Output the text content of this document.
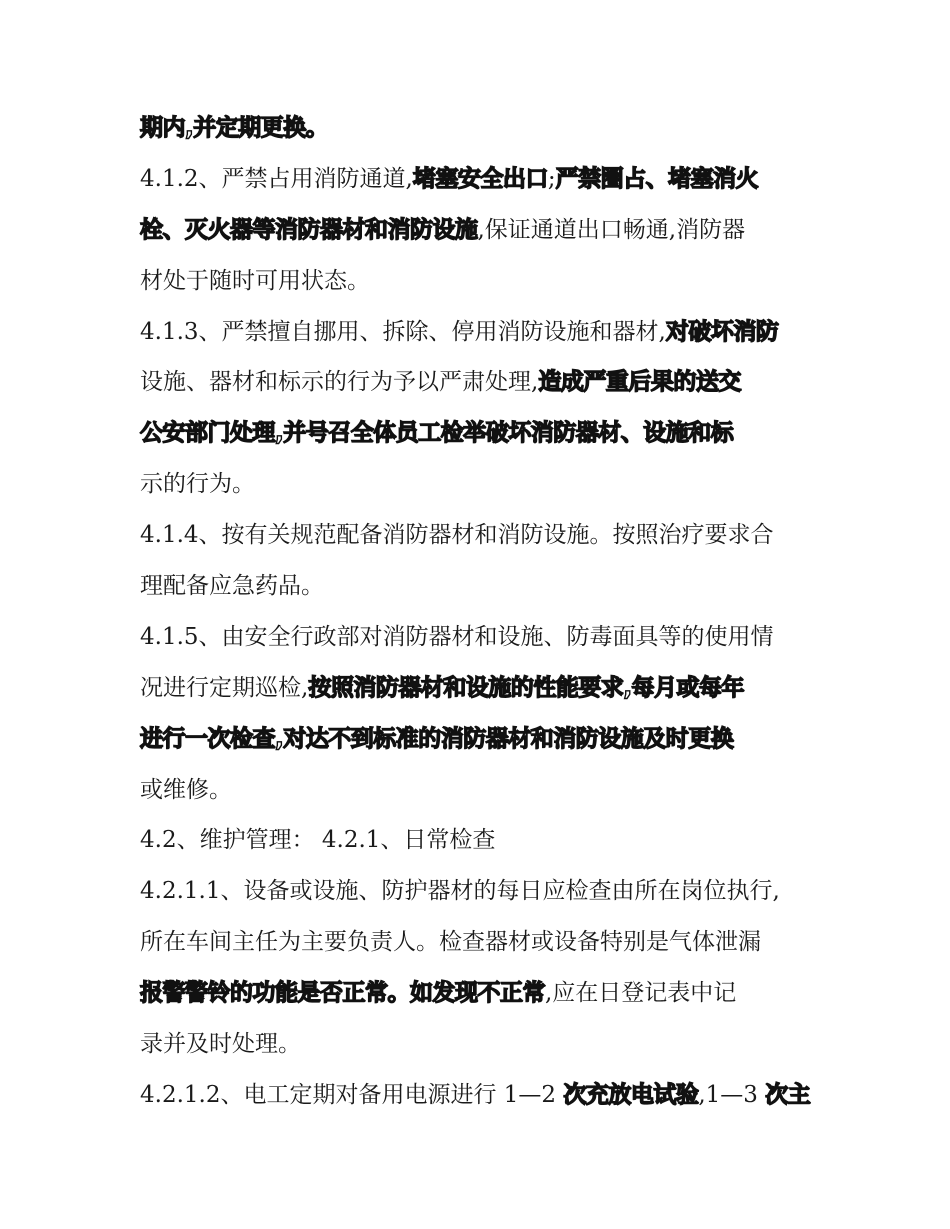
期内,并定期更换。
4.1.2、严禁占用消防通道,堵塞安全出口;严禁圈占、堵塞消火
栓、灭火器等消防器材和消防设施,保证通道出口畅通,消防器
材处于随时可用状态。
4.1.3、严禁擅自挪用、拆除、停用消防设施和器材,对破坏消防
设施、器材和标示的行为予以严肃处理,造成严重后果的送交
公安部门处理,并号召全体员工检举破坏消防器材、设施和标
示的行为。
4.1.4、按有关规范配备消防器材和消防设施。按照治疗要求合
理配备应急药品。
4.1.5、由安全行政部对消防器材和设施、防毒面具等的使用情
况进行定期巡检,按照消防器材和设施的性能要求,每月或每年
进行一次检查,对达不到标准的消防器材和消防设施及时更换
或维修。
4.2、维护管理： 4.2.1、日常检查
4.2.1.1、设备或设施、防护器材的每日应检查由所在岗位执行,
所在车间主任为主要负责人。检查器材或设备特别是气体泄漏
报警警铃的功能是否正常。如发现不正常,应在日登记表中记
录并及时处理。
4.2.1.2、电工定期对备用电源进行 1—2 次充放电试验,1—3 次主
